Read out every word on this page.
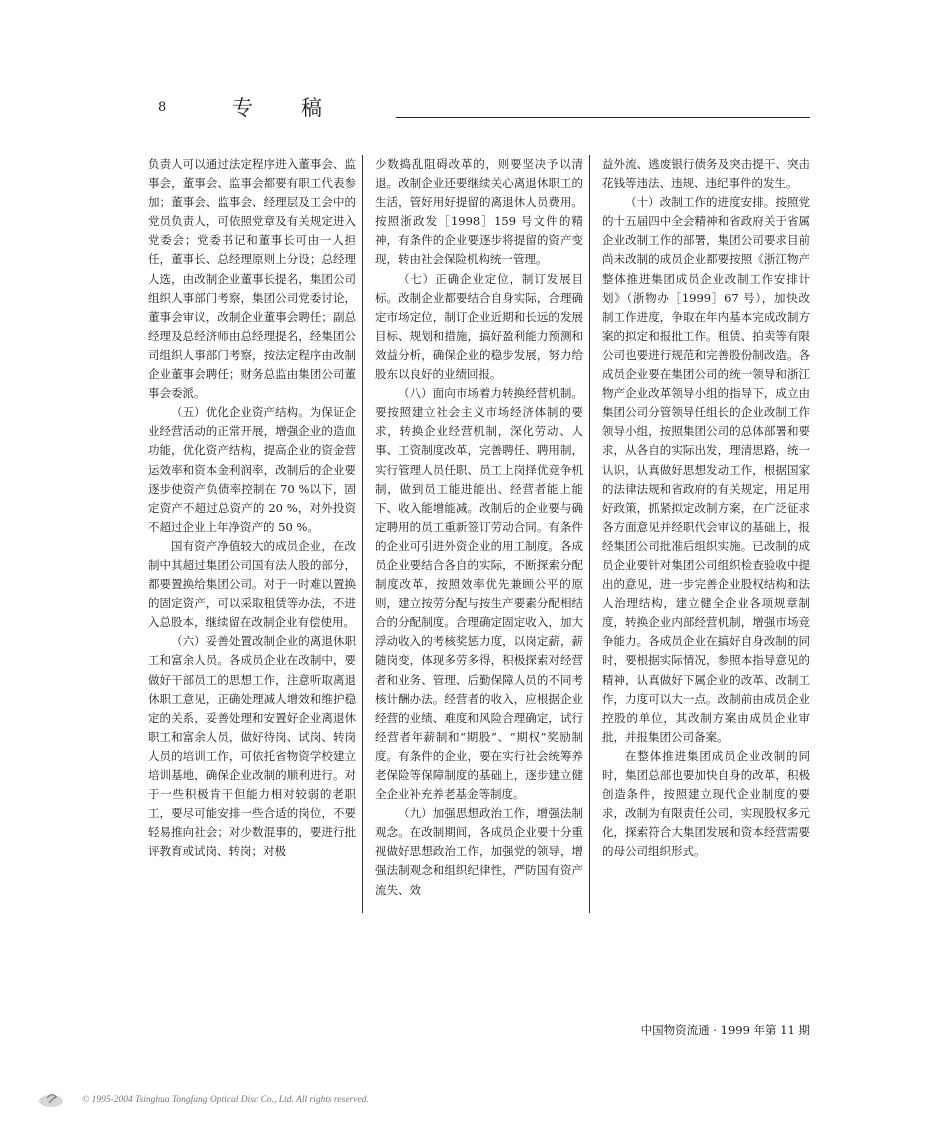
8	专稿

负责人可以通过法定程序进入董事会、监事会，董事会、监事会都要有职工代表参加；董事会、监事会、经理层及工会中的党员负责人，可依照党章及有关规定进入党委会；党委书记和董事长可由一人担任，董事长、总经理原则上分设；总经理人选，由改制企业董事长提名，集团公司组织人事部门考察，集团公司党委讨论，董事会审议，改制企业董事会聘任；副总经理及总经济师由总经理提名，经集团公司组织人事部门考察，按法定程序由改制企业董事会聘任；财务总监由集团公司董事会委派。

（五）优化企业资产结构。为保证企业经营活动的正常开展，增强企业的造血功能，优化资产结构，提高企业的资金营运效率和资本金利润率，改制后的企业要逐步使资产负债率控制在 70 %以下，固定资产不超过总资产的 20 %，对外投资不超过企业上年净资产的 50 %。

国有资产净值较大的成员企业，在改制中其超过集团公司国有法人股的部分，都要置换给集团公司。对于一时难以置换的固定资产，可以采取租赁等办法，不进入总股本，继续留在改制企业有偿使用。

（六）妥善处置改制企业的离退休职工和富余人员。各成员企业在改制中，要做好干部员工的思想工作，注意听取离退休职工意见，正确处理减人增效和维护稳定的关系，妥善处理和安置好企业离退休职工和富余人员，做好待岗、试岗、转岗人员的培训工作，可依托省物资学校建立培训基地，确保企业改制的顺利进行。对于一些积极肯干但能力相对较弱的老职工，要尽可能安排一些合适的岗位，不要轻易推向社会；对少数混事的，要进行批评教育或试岗、转岗；对极

少数捣乱阻碍改革的，则要坚决予以清退。改制企业还要继续关心离退休职工的生活，管好用好提留的离退休人员费用。按照浙政发［1998］159 号文件的精神，有条件的企业要逐步将提留的资产变现，转由社会保险机构统一管理。

（七）正确企业定位，制订发展目标。改制企业都要结合自身实际，合理确定市场定位，制订企业近期和长远的发展目标、规划和措施，搞好盈利能力预测和效益分析，确保企业的稳步发展，努力给股东以良好的业绩回报。

（八）面向市场着力转换经营机制。要按照建立社会主义市场经济体制的要求，转换企业经营机制，深化劳动、人事、工资制度改革，完善聘任、聘用制，实行管理人员任职、员工上岗择优竞争机制，做到员工能进能出、经营者能上能下、收入能增能减。改制后的企业要与确定聘用的员工重新签订劳动合同。有条件的企业可引进外资企业的用工制度。各成员企业要结合各自的实际，不断探索分配制度改革，按照效率优先兼顾公平的原则，建立按劳分配与按生产要素分配相结合的分配制度。合理确定固定收入，加大浮动收入的考核奖惩力度，以岗定薪，薪随岗变，体现多劳多得，积极探索对经营者和业务、管理、后勤保障人员的不同考核计酬办法。经营者的收入，应根据企业经营的业绩、难度和风险合理确定，试行经营者年薪制和“期股”、“期权”奖励制度。有条件的企业，要在实行社会统筹养老保险等保障制度的基础上，逐步建立健全企业补充养老基金等制度。

（九）加强思想政治工作，增强法制观念。在改制期间，各成员企业要十分重视做好思想政治工作，加强党的领导，增强法制观念和组织纪律性，严防国有资产流失、效

益外流、逃废银行债务及突击提干、突击花钱等违法、违规、违纪事件的发生。

（十）改制工作的进度安排。按照党的十五届四中全会精神和省政府关于省属企业改制工作的部署，集团公司要求目前尚未改制的成员企业都要按照《浙江物产整体推进集团成员企业改制工作安排计划》（浙物办［1999］67 号），加快改制工作进度，争取在年内基本完成改制方案的拟定和报批工作。租赁、拍卖等有限公司也要进行规范和完善股份制改造。各成员企业要在集团公司的统一领导和浙江物产企业改革领导小组的指导下，成立由集团公司分管领导任组长的企业改制工作领导小组，按照集团公司的总体部署和要求，从各自的实际出发，理清思路，统一认识，认真做好思想发动工作，根据国家的法律法规和省政府的有关规定，用足用好政策，抓紧拟定改制方案，在广泛征求各方面意见并经职代会审议的基础上，报经集团公司批准后组织实施。已改制的成员企业要针对集团公司组织检查验收中提出的意见，进一步完善企业股权结构和法人治理结构，建立健全企业各项规章制度，转换企业内部经营机制，增强市场竞争能力。各成员企业在搞好自身改制的同时，要根据实际情况，参照本指导意见的精神，认真做好下属企业的改革、改制工作，力度可以大一点。改制前由成员企业控股的单位，其改制方案由成员企业审批，并报集团公司备案。

在整体推进集团成员企业改制的同时，集团总部也要加快自身的改革，积极创造条件，按照建立现代企业制度的要求，改制为有限责任公司，实现股权多元化，探索符合大集团发展和资本经营需要的母公司组织形式。

中国物资流通 · 1999 年第 11 期
© 1995-2004 Tsinghua Tongfang Optical Disc Co., Ltd. All rights reserved.
